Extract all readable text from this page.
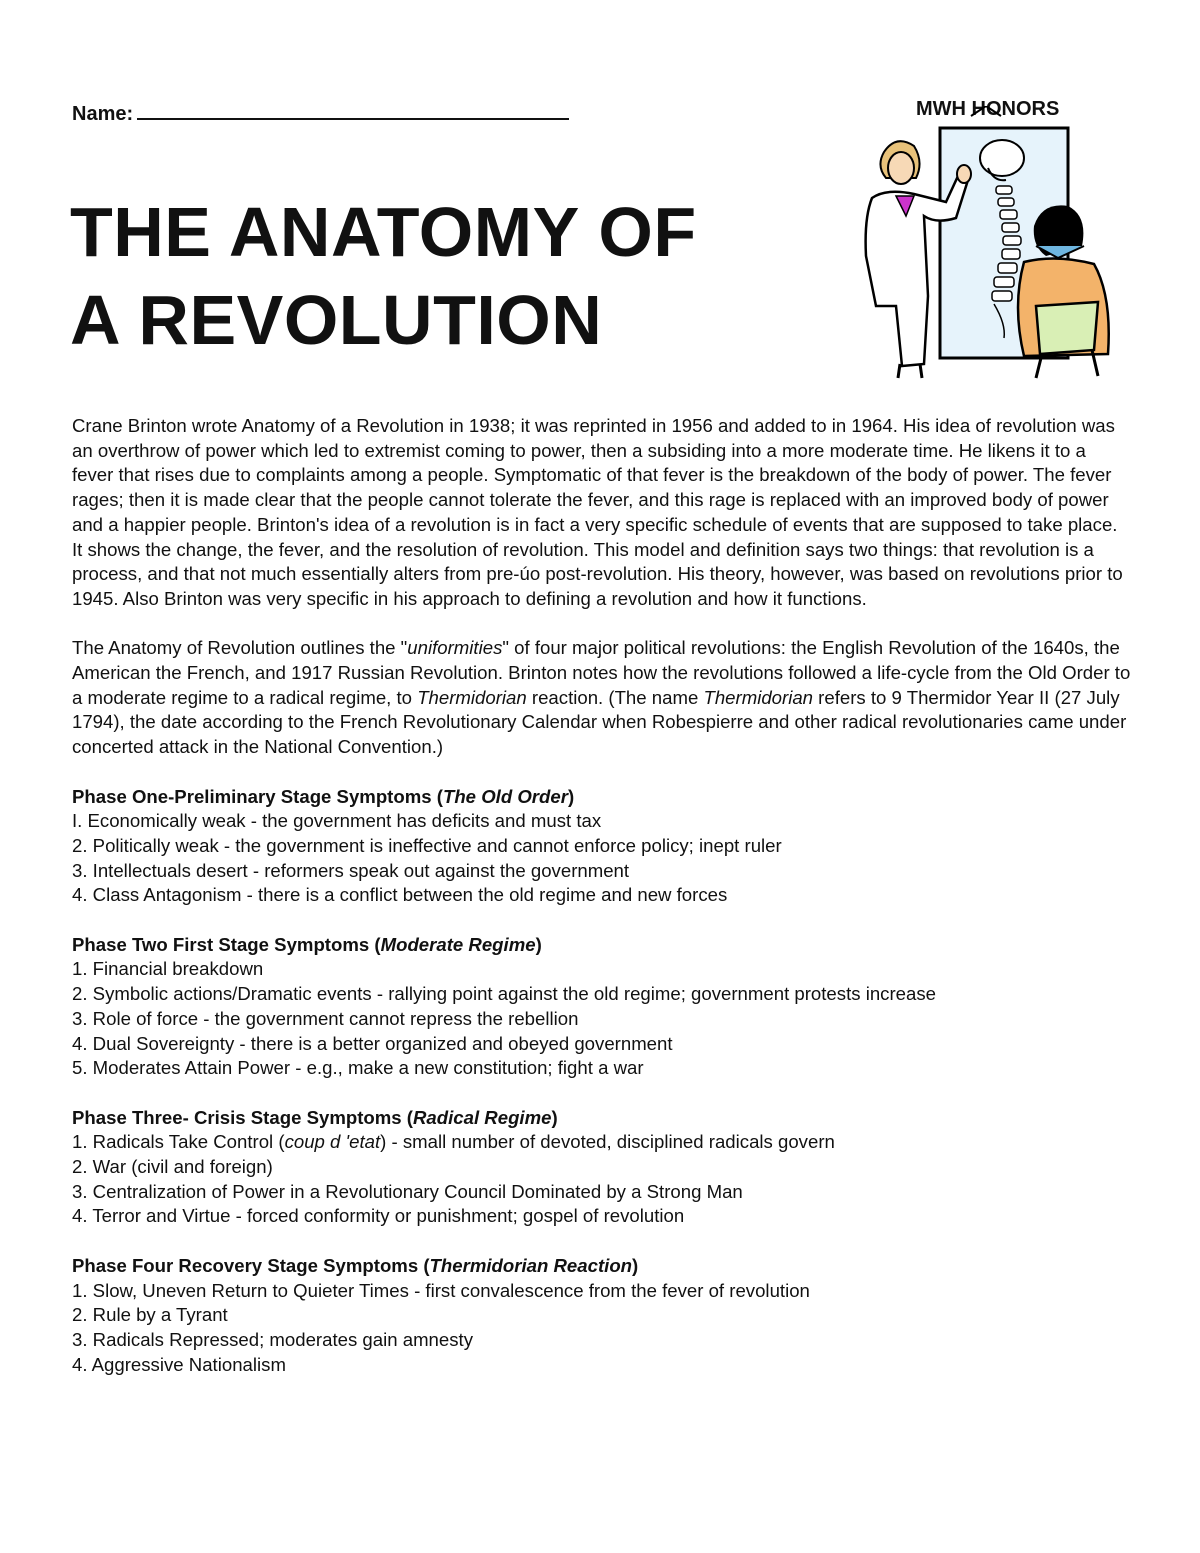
Name:	MWH HONORS
THE ANATOMY OF
A REVOLUTION

Crane Brinton wrote Anatomy of a Revolution in 1938; it was reprinted in 1956 and added to in 1964. His idea of revolution was an overthrow of power which led to extremist coming to power, then a subsiding into a more moderate time. He likens it to a fever that rises due to complaints among a people. Symptomatic of that fever is the breakdown of the body of power. The fever rages; then it is made clear that the people cannot tolerate the fever, and this rage is replaced with an improved body of power and a happier people. Brinton's idea of a revolution is in fact a very specific schedule of events that are supposed to take place. It shows the change, the fever, and the resolution of revolution. This model and definition says two things: that revolution is a process, and that not much essentially alters from pre-úo post-revolution. His theory, however, was based on revolutions prior to 1945. Also Brinton was very specific in his approach to defining a revolution and how it functions.

The Anatomy of Revolution outlines the "uniformities" of four major political revolutions: the English Revolution of the 1640s, the American the French, and 1917 Russian Revolution. Brinton notes how the revolutions followed a life-cycle from the Old Order to a moderate regime to a radical regime, to Thermidorian reaction. (The name Thermidorian refers to 9 Thermidor Year II (27 July 1794), the date according to the French Revolutionary Calendar when Robespierre and other radical revolutionaries came under concerted attack in the National Convention.)

Phase One-Preliminary Stage Symptoms (The Old Order)
I. Economically weak - the government has deficits and must tax
2. Politically weak - the government is ineffective and cannot enforce policy; inept ruler
3. Intellectuals desert - reformers speak out against the government
4. Class Antagonism - there is a conflict between the old regime and new forces
Phase Two First Stage Symptoms (Moderate Regime)
1. Financial breakdown
2. Symbolic actions/Dramatic events - rallying point against the old regime; government protests increase
3. Role of force - the government cannot repress the rebellion
4. Dual Sovereignty - there is a better organized and obeyed government
5. Moderates Attain Power - e.g., make a new constitution; fight a war
Phase Three- Crisis Stage Symptoms (Radical Regime)
1. Radicals Take Control (coup d 'etat) - small number of devoted, disciplined radicals govern
2. War (civil and foreign)
3. Centralization of Power in a Revolutionary Council Dominated by a Strong Man
4. Terror and Virtue - forced conformity or punishment; gospel of revolution
Phase Four Recovery Stage Symptoms (Thermidorian Reaction)
1. Slow, Uneven Return to Quieter Times - first convalescence from the fever of revolution
2. Rule by a Tyrant
3. Radicals Repressed; moderates gain amnesty
4. Aggressive Nationalism
